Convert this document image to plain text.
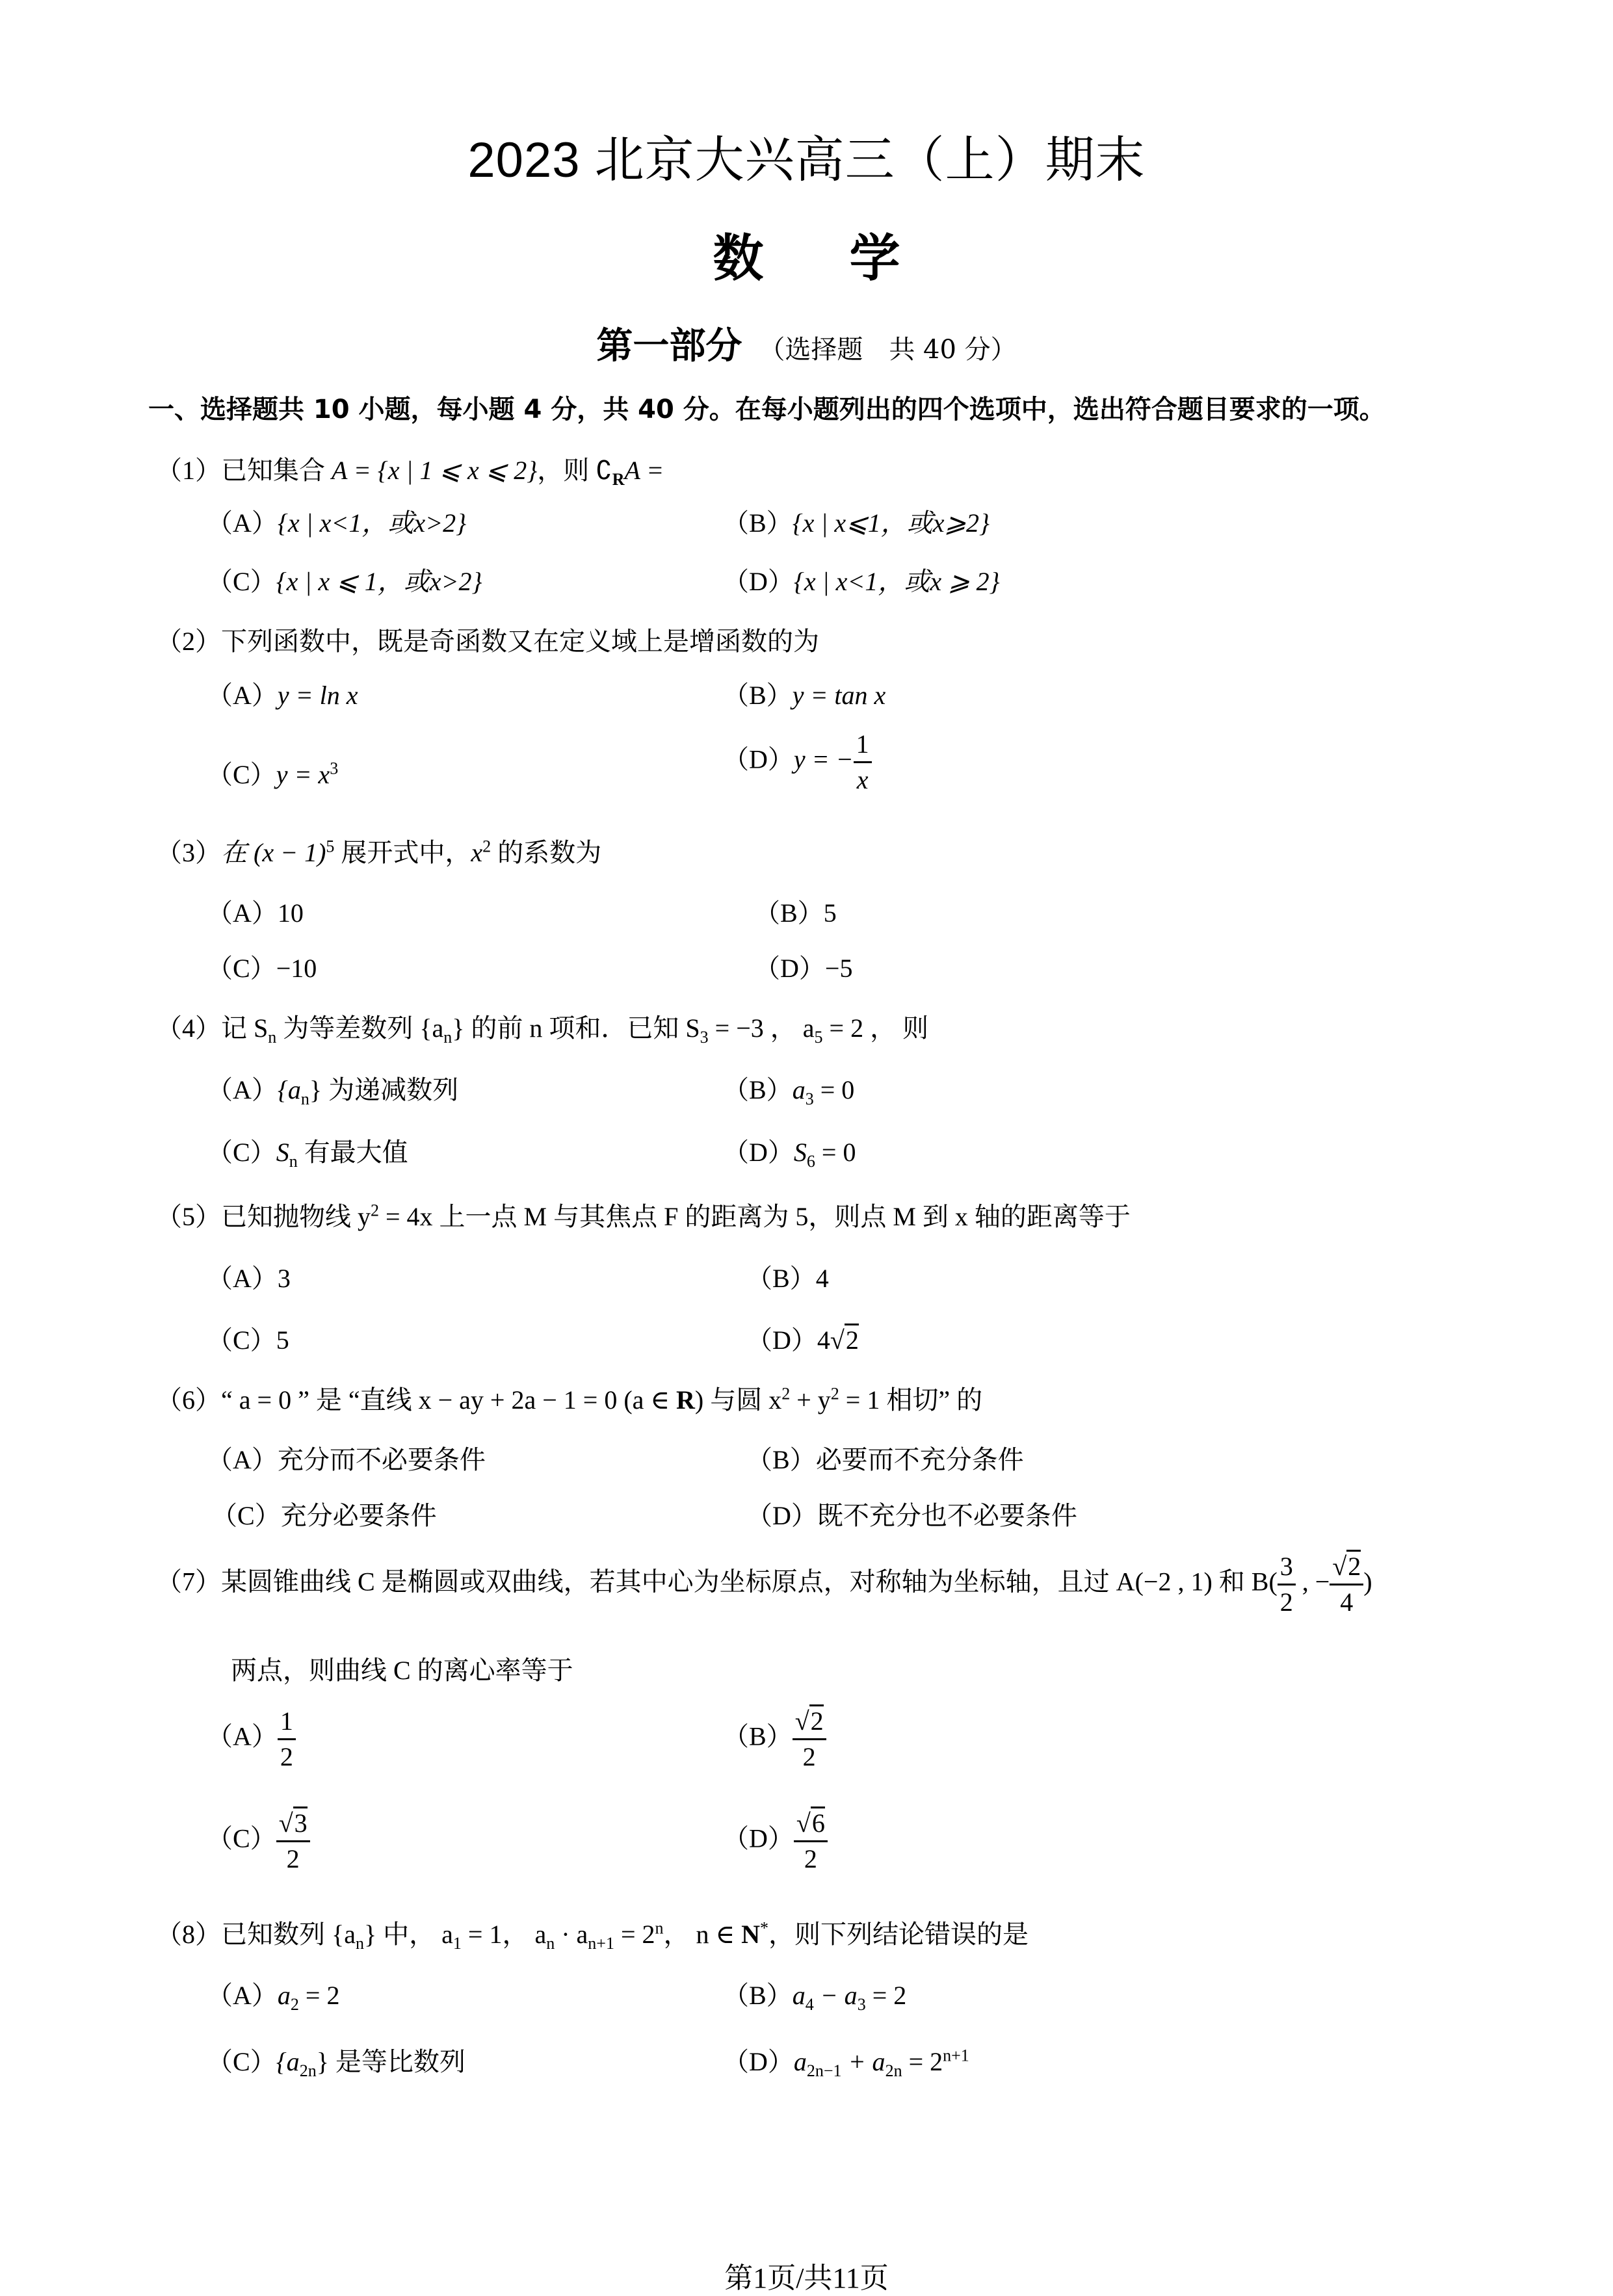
2023 北京大兴高三（上）期末
数 学
第一部分 （选择题　共 40 分）
一、选择题共 10 小题，每小题 4 分，共 40 分。在每小题列出的四个选项中，选出符合题目要求的一项。
（1）已知集合 A = {x | 1 ⩽ x ⩽ 2}，则 $∁_RA$ =
（A）{x | x<1，或x>2}	（B）{x | x⩽1，或x⩾2}
（C）{x | x ⩽ 1，或x>2}	（D）{x | x<1，或x ⩾ 2}
（2）下列函数中，既是奇函数又在定义域上是增函数的为
（A）y = ln x	（B）y = tan x
$(C)y = x^3$	（D）y = − $\frac{1}{x}$
（3）在 $(x - 1)^5$ 展开式中，$x^2$ 的系数为
（A）10	（B）5
（C）−10	（D）−5
（4）记 $S_n$ 为等差数列 $\{a_n\}$ 的前 n 项和．已知 $S_3 = -3$ ， $a_5 = 2$ ， 则
$(A)\{a_n\}$ 为递减数列	$(B)a_3 = 0$
$(C)S_n$ 有最大值	$(D)S_6 = 0$
（5）已知抛物线 $y^2 = 4x$ 上一点 M 与其焦点 F 的距离为 5，则点 M 到 x 轴的距离等于
（A）3	（B）4
（C）5	（D）4√2
（6）“ a = 0 ” 是 “直线 x − ay + 2a − 1 = 0 (a ∈ R) 与圆 $x^2 + y^2 = 1$ 相切” 的
（A）充分而不必要条件	（B）必要而不充分条件
（C）充分必要条件	（D）既不充分也不必要条件
（7）某圆锥曲线 C 是椭圆或双曲线，若其中心为坐标原点，对称轴为坐标轴，且过 A(−2 , 1) 和 $B( \frac{3}{2}$ , − $\frac{√2}{4}$ )
两点，则曲线 C 的离心率等于
$(A) \frac{1}{2}$	$(B) \frac{√2}{2}$
$(C) \frac{√3}{2}$	$(D) \frac{√6}{2}$
（8）已知数列 $\{a_n\}$ 中， $a_1 = 1$， $a_n \cdot a_{n+1} = 2^n$， n ∈ N*，则下列结论错误的是
$(A)a_2 = 2$	$(B)a_4 - a_3 = 2$
$(C)\{a_{2n}\}$ 是等比数列	$(D)a_{2n-1} + a_{2n} = 2^{n+1}$
第1页/共11页
